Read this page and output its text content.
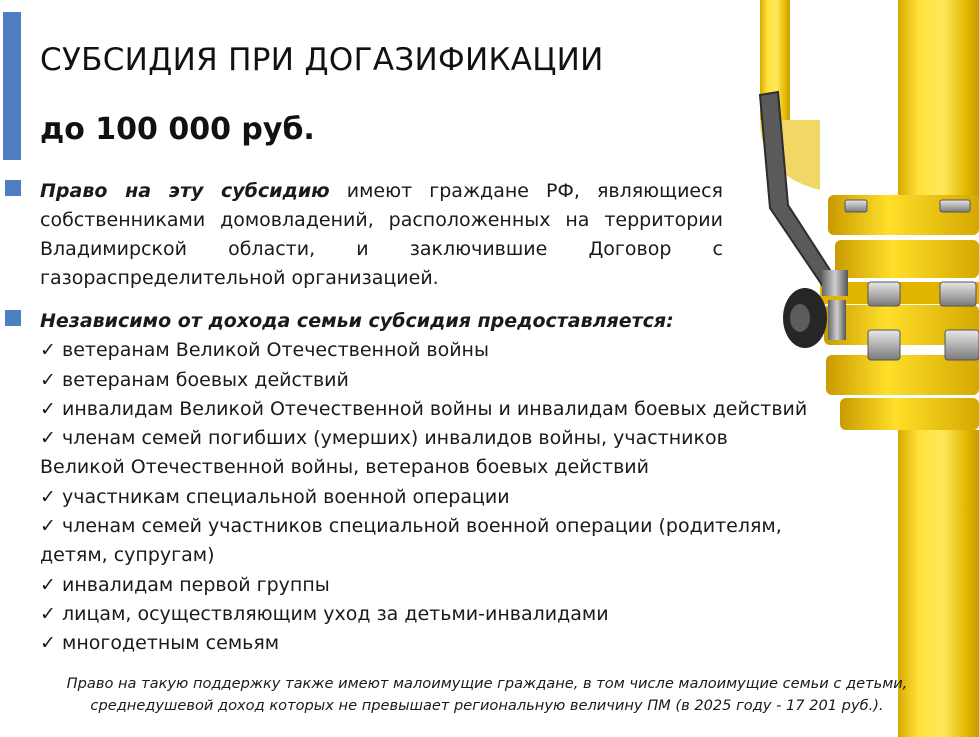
СУБСИДИЯ ПРИ ДОГАЗИФИКАЦИИ
до 100 000 руб.
Право на эту субсидию имеют граждане РФ, являющиеся собственниками домовладений, расположенных на территории Владимирской области, и заключившие Договор с газораспределительной организацией.
Независимо от дохода семьи субсидия предоставляется:
✓ ветеранам Великой Отечественной войны
✓ ветеранам боевых действий
✓ инвалидам Великой Отечественной войны и инвалидам боевых действий
✓ членам семей погибших (умерших) инвалидов войны, участников Великой Отечественной войны, ветеранов боевых действий
✓ участникам специальной военной операции
✓ членам семей участников специальной военной операции (родителям, детям, супругам)
✓ инвалидам первой группы
✓ лицам, осуществляющим уход за детьми-инвалидами
✓ многодетным семьям
Право на такую поддержку также имеют малоимущие граждане, в том числе малоимущие семьи с детьми, среднедушевой доход которых не превышает региональную величину ПМ (в 2025 году - 17 201 руб.).
